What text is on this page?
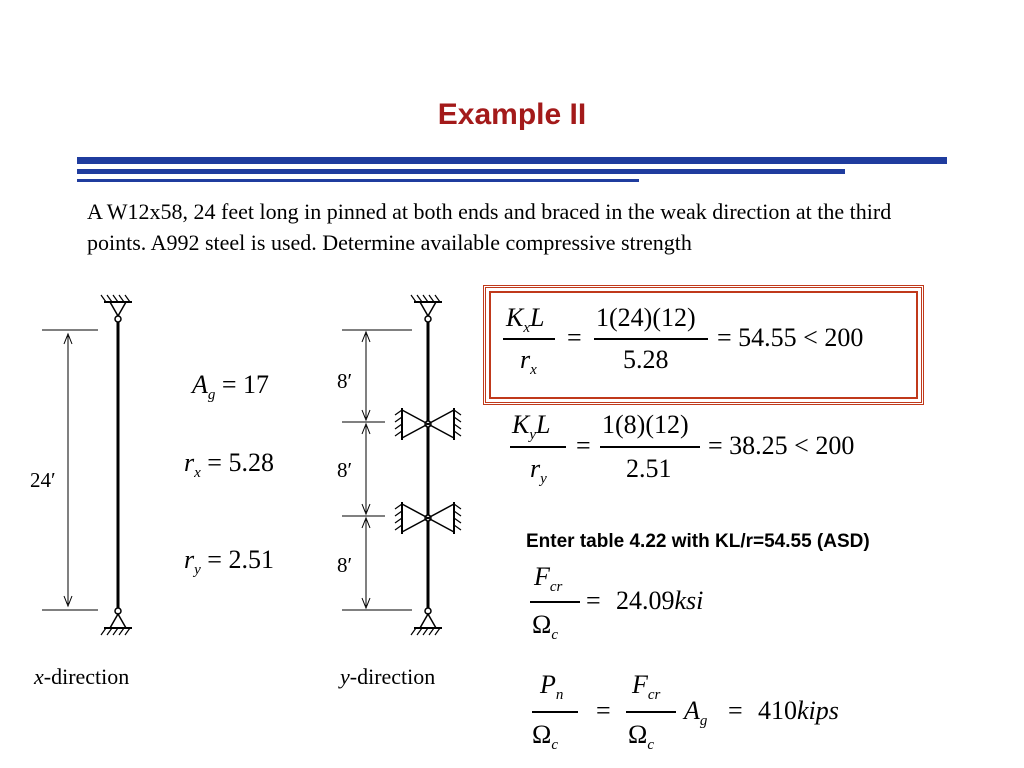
Example II
A W12x58, 24 feet long in pinned at both ends and braced in the weak direction at the third points. A992 steel is used. Determine available compressive strength
24′
8′
8′
8′
x-direction	y-direction
$A_g = 17$
$r_x = 5.28$
$r_y = 2.51$
$K_xL$
$r_x$
=
1(24)(12)
5.28
= 54.55 < 200
$K_yL$
$r_y$
=
1(8)(12)
2.51
= 38.25 < 200
Enter table 4.22 with KL/r=54.55 (ASD)
$F_{cr}$
$\Omega_c$
= 24.09ksi
$P_n$
$\Omega_c$
=
$F_{cr}$
$\Omega_c$
$A_g$ = 410kips
